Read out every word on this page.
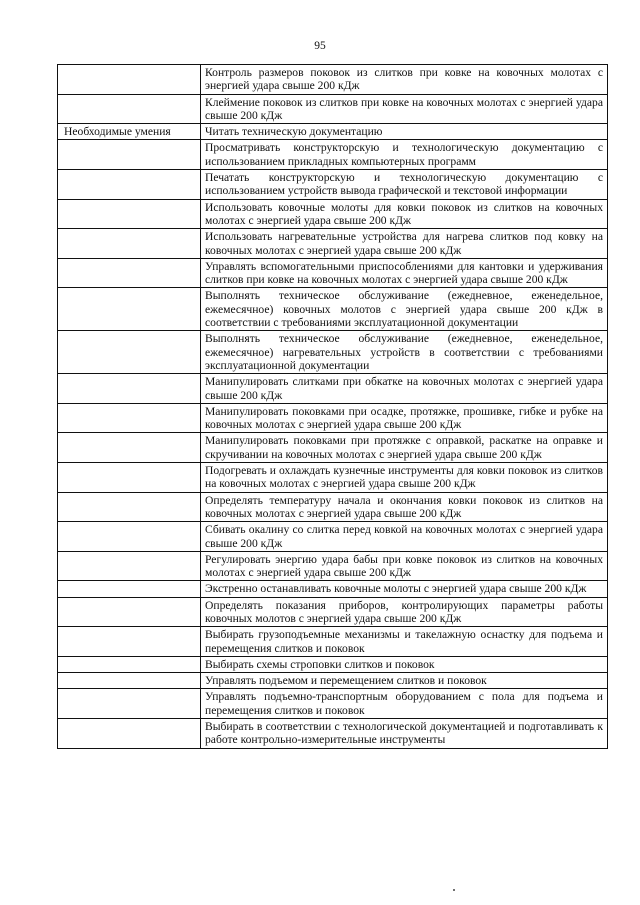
95
	Контроль размеров поковок из слитков при ковке на ковочных молотах с энергией удара свыше 200 кДж
	Клеймение поковок из слитков при ковке на ковочных молотах с энергией удара свыше 200 кДж
Необходимые умения	Читать техническую документацию
	Просматривать конструкторскую и технологическую документацию с использованием прикладных компьютерных программ
	Печатать конструкторскую и технологическую документацию с использованием устройств вывода графической и текстовой информации
	Использовать ковочные молоты для ковки поковок из слитков на ковочных молотах с энергией удара свыше 200 кДж
	Использовать нагревательные устройства для нагрева слитков под ковку на ковочных молотах с энергией удара свыше 200 кДж
	Управлять вспомогательными приспособлениями для кантовки и удерживания слитков при ковке на ковочных молотах с энергией удара свыше 200 кДж
	Выполнять техническое обслуживание (ежедневное, еженедельное, ежемесячное) ковочных молотов с энергией удара свыше 200 кДж в соответствии с требованиями эксплуатационной документации
	Выполнять техническое обслуживание (ежедневное, еженедельное, ежемесячное) нагревательных устройств в соответствии с требованиями эксплуатационной документации
	Манипулировать слитками при обкатке на ковочных молотах с энергией удара свыше 200 кДж
	Манипулировать поковками при осадке, протяжке, прошивке, гибке и рубке на ковочных молотах с энергией удара свыше 200 кДж
	Манипулировать поковками при протяжке с оправкой, раскатке на оправке и скручивании на ковочных молотах с энергией удара свыше 200 кДж
	Подогревать и охлаждать кузнечные инструменты для ковки поковок из слитков на ковочных молотах с энергией удара свыше 200 кДж
	Определять температуру начала и окончания ковки поковок из слитков на ковочных молотах с энергией удара свыше 200 кДж
	Сбивать окалину со слитка перед ковкой на ковочных молотах с энергией удара свыше 200 кДж
	Регулировать энергию удара бабы при ковке поковок из слитков на ковочных молотах с энергией удара свыше 200 кДж
	Экстренно останавливать ковочные молоты с энергией удара свыше 200 кДж
	Определять показания приборов, контролирующих параметры работы ковочных молотов с энергией удара свыше 200 кДж
	Выбирать грузоподъемные механизмы и такелажную оснастку для подъема и перемещения слитков и поковок
	Выбирать схемы строповки слитков и поковок
	Управлять подъемом и перемещением слитков и поковок
	Управлять подъемно-транспортным оборудованием с пола для подъема и перемещения слитков и поковок
	Выбирать в соответствии с технологической документацией и подготавливать к работе контрольно-измерительные инструменты
